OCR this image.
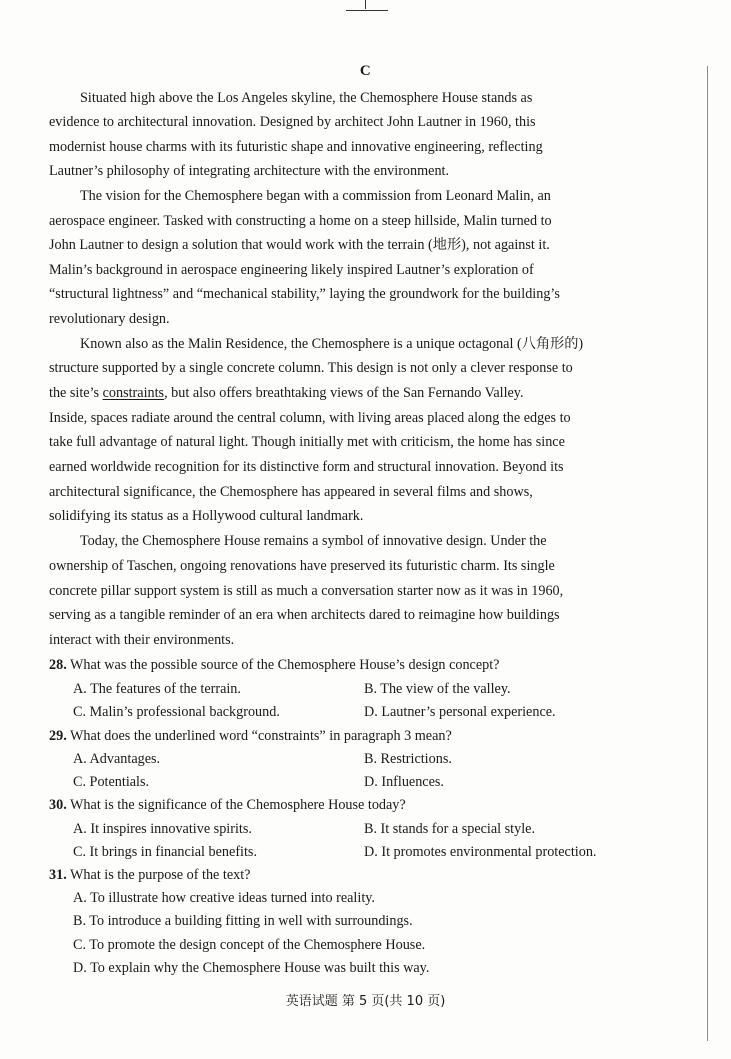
C
Situated high above the Los Angeles skyline, the Chemosphere House stands as
evidence to architectural innovation. Designed by architect John Lautner in 1960, this
modernist house charms with its futuristic shape and innovative engineering, reflecting
Lautner’s philosophy of integrating architecture with the environment.
The vision for the Chemosphere began with a commission from Leonard Malin, an
aerospace engineer. Tasked with constructing a home on a steep hillside, Malin turned to
John Lautner to design a solution that would work with the terrain (地形), not against it.
Malin’s background in aerospace engineering likely inspired Lautner’s exploration of
“structural lightness” and “mechanical stability,” laying the groundwork for the building’s
revolutionary design.
Known also as the Malin Residence, the Chemosphere is a unique octagonal (八角形的)
structure supported by a single concrete column. This design is not only a clever response to
the site’s constraints, but also offers breathtaking views of the San Fernando Valley.
Inside, spaces radiate around the central column, with living areas placed along the edges to
take full advantage of natural light. Though initially met with criticism, the home has since
earned worldwide recognition for its distinctive form and structural innovation. Beyond its
architectural significance, the Chemosphere has appeared in several films and shows,
solidifying its status as a Hollywood cultural landmark.
Today, the Chemosphere House remains a symbol of innovative design. Under the
ownership of Taschen, ongoing renovations have preserved its futuristic charm. Its single
concrete pillar support system is still as much a conversation starter now as it was in 1960,
serving as a tangible reminder of an era when architects dared to reimagine how buildings
interact with their environments.
28. What was the possible source of the Chemosphere House’s design concept?
A. The features of the terrain.	B. The view of the valley.
C. Malin’s professional background.	D. Lautner’s personal experience.
29. What does the underlined word “constraints” in paragraph 3 mean?
A. Advantages.	B. Restrictions.
C. Potentials.	D. Influences.
30. What is the significance of the Chemosphere House today?
A. It inspires innovative spirits.	B. It stands for a special style.
C. It brings in financial benefits.	D. It promotes environmental protection.
31. What is the purpose of the text?
A. To illustrate how creative ideas turned into reality.
B. To introduce a building fitting in well with surroundings.
C. To promote the design concept of the Chemosphere House.
D. To explain why the Chemosphere House was built this way.
英语试题 第 5 页(共 10 页)
